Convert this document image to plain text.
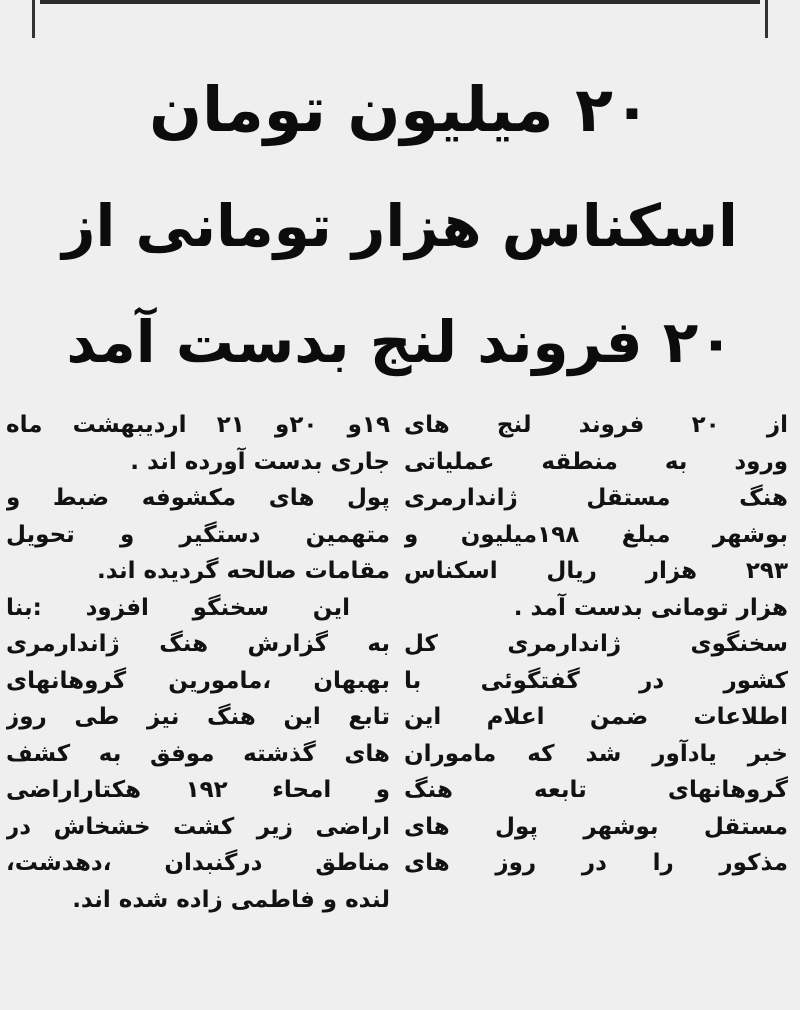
۲۰ میلیون تومان
اسکناس هزار تومانی از
۲۰ فروند لنج بدست آمد
از ۲۰ فروند لنج های
ورود به منطقه عملیاتی
هنگ مستقل ژاندارمری
بوشهر مبلغ ۱۹۸میلیون و
۲۹۳ هزار ریال اسکناس
هزار تومانی بدست آمد .
سخنگوی ژاندارمری کل
کشور در گفتگوئی با
اطلاعات ضمن اعلام این
خبر یادآور شد که ماموران
گروهانهای تابعه هنگ
مستقل بوشهر پول های
مذکور را در روز های
۱۹و ۲۰و ۲۱ اردیبهشت ماه
جاری بدست آورده اند .
پول های مکشوفه ضبط و
متهمین دستگیر و تحویل
مقامات صالحه گردیده اند.
این سخنگو افزود :بنا
به گزارش هنگ ژاندارمری
بهبهان ،مامورین گروهانهای
تابع این هنگ نیز طی روز
های گذشته موفق به کشف
و امحاء ۱۹۲ هکتاراراضی
اراضی زیر کشت خشخاش در
مناطق درگنبدان ،دهدشت،
لنده و فاطمی زاده شده اند.
